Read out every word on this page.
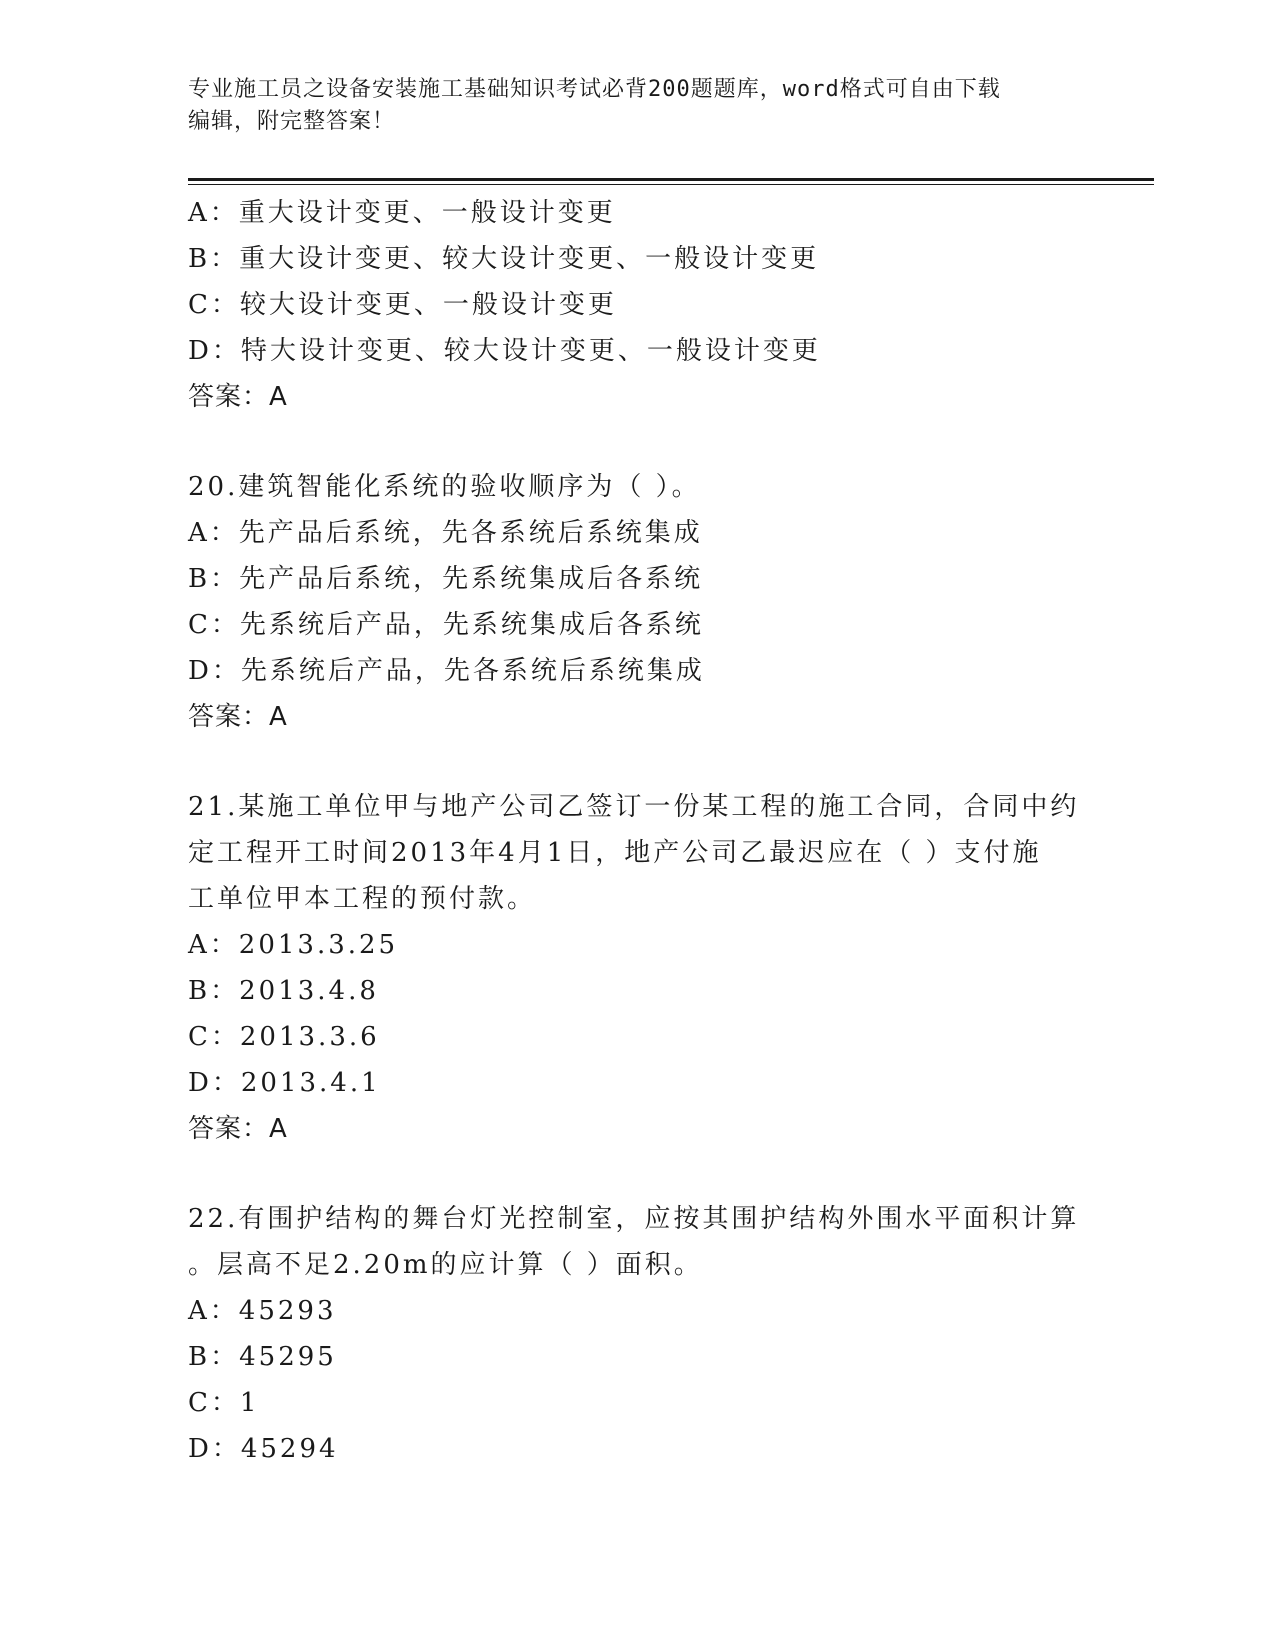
专业施工员之设备安装施工基础知识考试必背200题题库，word格式可自由下载
编辑，附完整答案！
A：重大设计变更、一般设计变更
B：重大设计变更、较大设计变更、一般设计变更
C：较大设计变更、一般设计变更
D：特大设计变更、较大设计变更、一般设计变更
答案：A
20.建筑智能化系统的验收顺序为（ ）。
A：先产品后系统，先各系统后系统集成
B：先产品后系统，先系统集成后各系统
C：先系统后产品，先系统集成后各系统
D：先系统后产品，先各系统后系统集成
答案：A
21.某施工单位甲与地产公司乙签订一份某工程的施工合同，合同中约
定工程开工时间2013年4月1日，地产公司乙最迟应在（ ）支付施
工单位甲本工程的预付款。
A：2013.3.25
B：2013.4.8
C：2013.3.6
D：2013.4.1
答案：A
22.有围护结构的舞台灯光控制室，应按其围护结构外围水平面积计算
。层高不足2.20m的应计算（ ）面积。
A：45293
B：45295
C：1
D：45294
